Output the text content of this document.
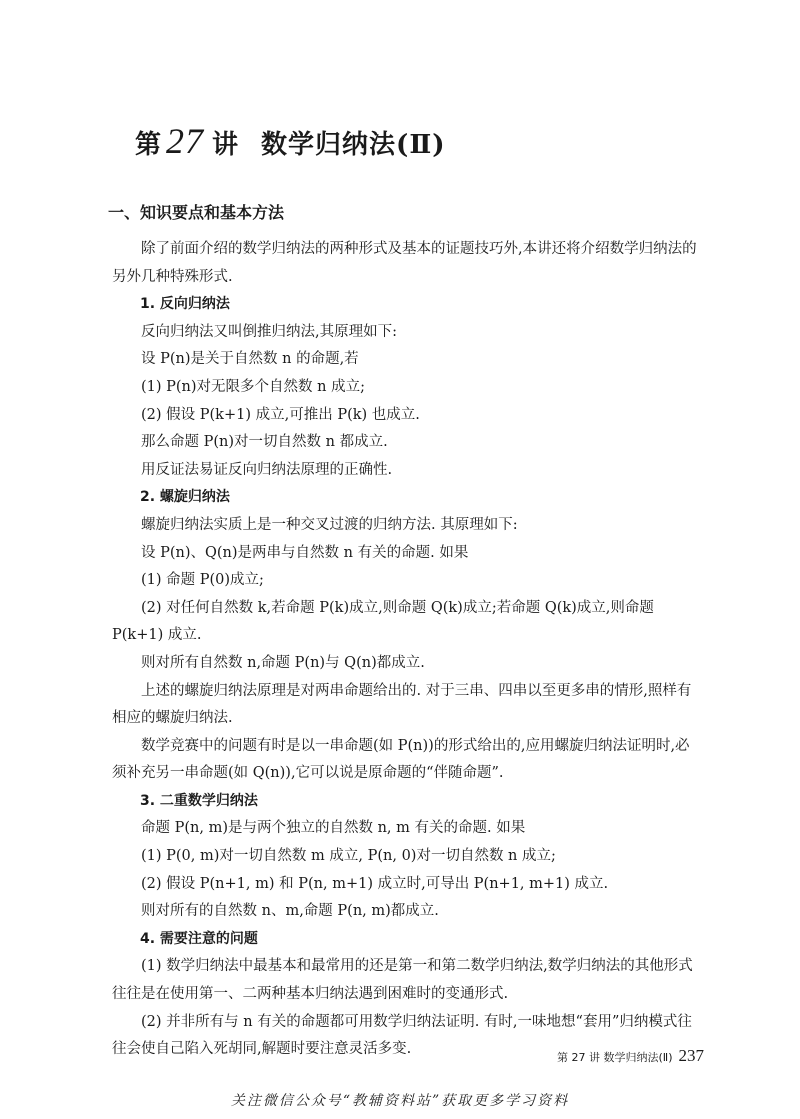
第 27 讲 数学归纳法(Ⅱ)
一、知识要点和基本方法

除了前面介绍的数学归纳法的两种形式及基本的证题技巧外,本讲还将介绍数学归纳法的另外几种特殊形式.

1. 反向归纳法

反向归纳法又叫倒推归纳法,其原理如下:

设 P(n)是关于自然数 n 的命题,若

(1) P(n)对无限多个自然数 n 成立;

(2) 假设 P(k+1) 成立,可推出 P(k) 也成立.

那么命题 P(n)对一切自然数 n 都成立.

用反证法易证反向归纳法原理的正确性.

2. 螺旋归纳法

螺旋归纳法实质上是一种交叉过渡的归纳方法. 其原理如下:

设 P(n)、Q(n)是两串与自然数 n 有关的命题. 如果

(1) 命题 P(0)成立;

(2) 对任何自然数 k,若命题 P(k)成立,则命题 Q(k)成立;若命题 Q(k)成立,则命题 P(k+1) 成立.

则对所有自然数 n,命题 P(n)与 Q(n)都成立.

上述的螺旋归纳法原理是对两串命题给出的. 对于三串、四串以至更多串的情形,照样有相应的螺旋归纳法.

数学竞赛中的问题有时是以一串命题(如 P(n))的形式给出的,应用螺旋归纳法证明时,必须补充另一串命题(如 Q(n)),它可以说是原命题的“伴随命题”.

3. 二重数学归纳法

命题 P(n, m)是与两个独立的自然数 n, m 有关的命题. 如果

(1) P(0, m)对一切自然数 m 成立, P(n, 0)对一切自然数 n 成立;

(2) 假设 P(n+1, m) 和 P(n, m+1) 成立时,可导出 P(n+1, m+1) 成立.

则对所有的自然数 n、m,命题 P(n, m)都成立.

4. 需要注意的问题

(1) 数学归纳法中最基本和最常用的还是第一和第二数学归纳法,数学归纳法的其他形式往往是在使用第一、二两种基本归纳法遇到困难时的变通形式.

(2) 并非所有与 n 有关的命题都可用数学归纳法证明. 有时,一味地想“套用”归纳模式往往会使自己陷入死胡同,解题时要注意灵活多变.

第 27 讲 数学归纳法(Ⅱ) 237
关注微信公众号“教辅资料站”获取更多学习资料
